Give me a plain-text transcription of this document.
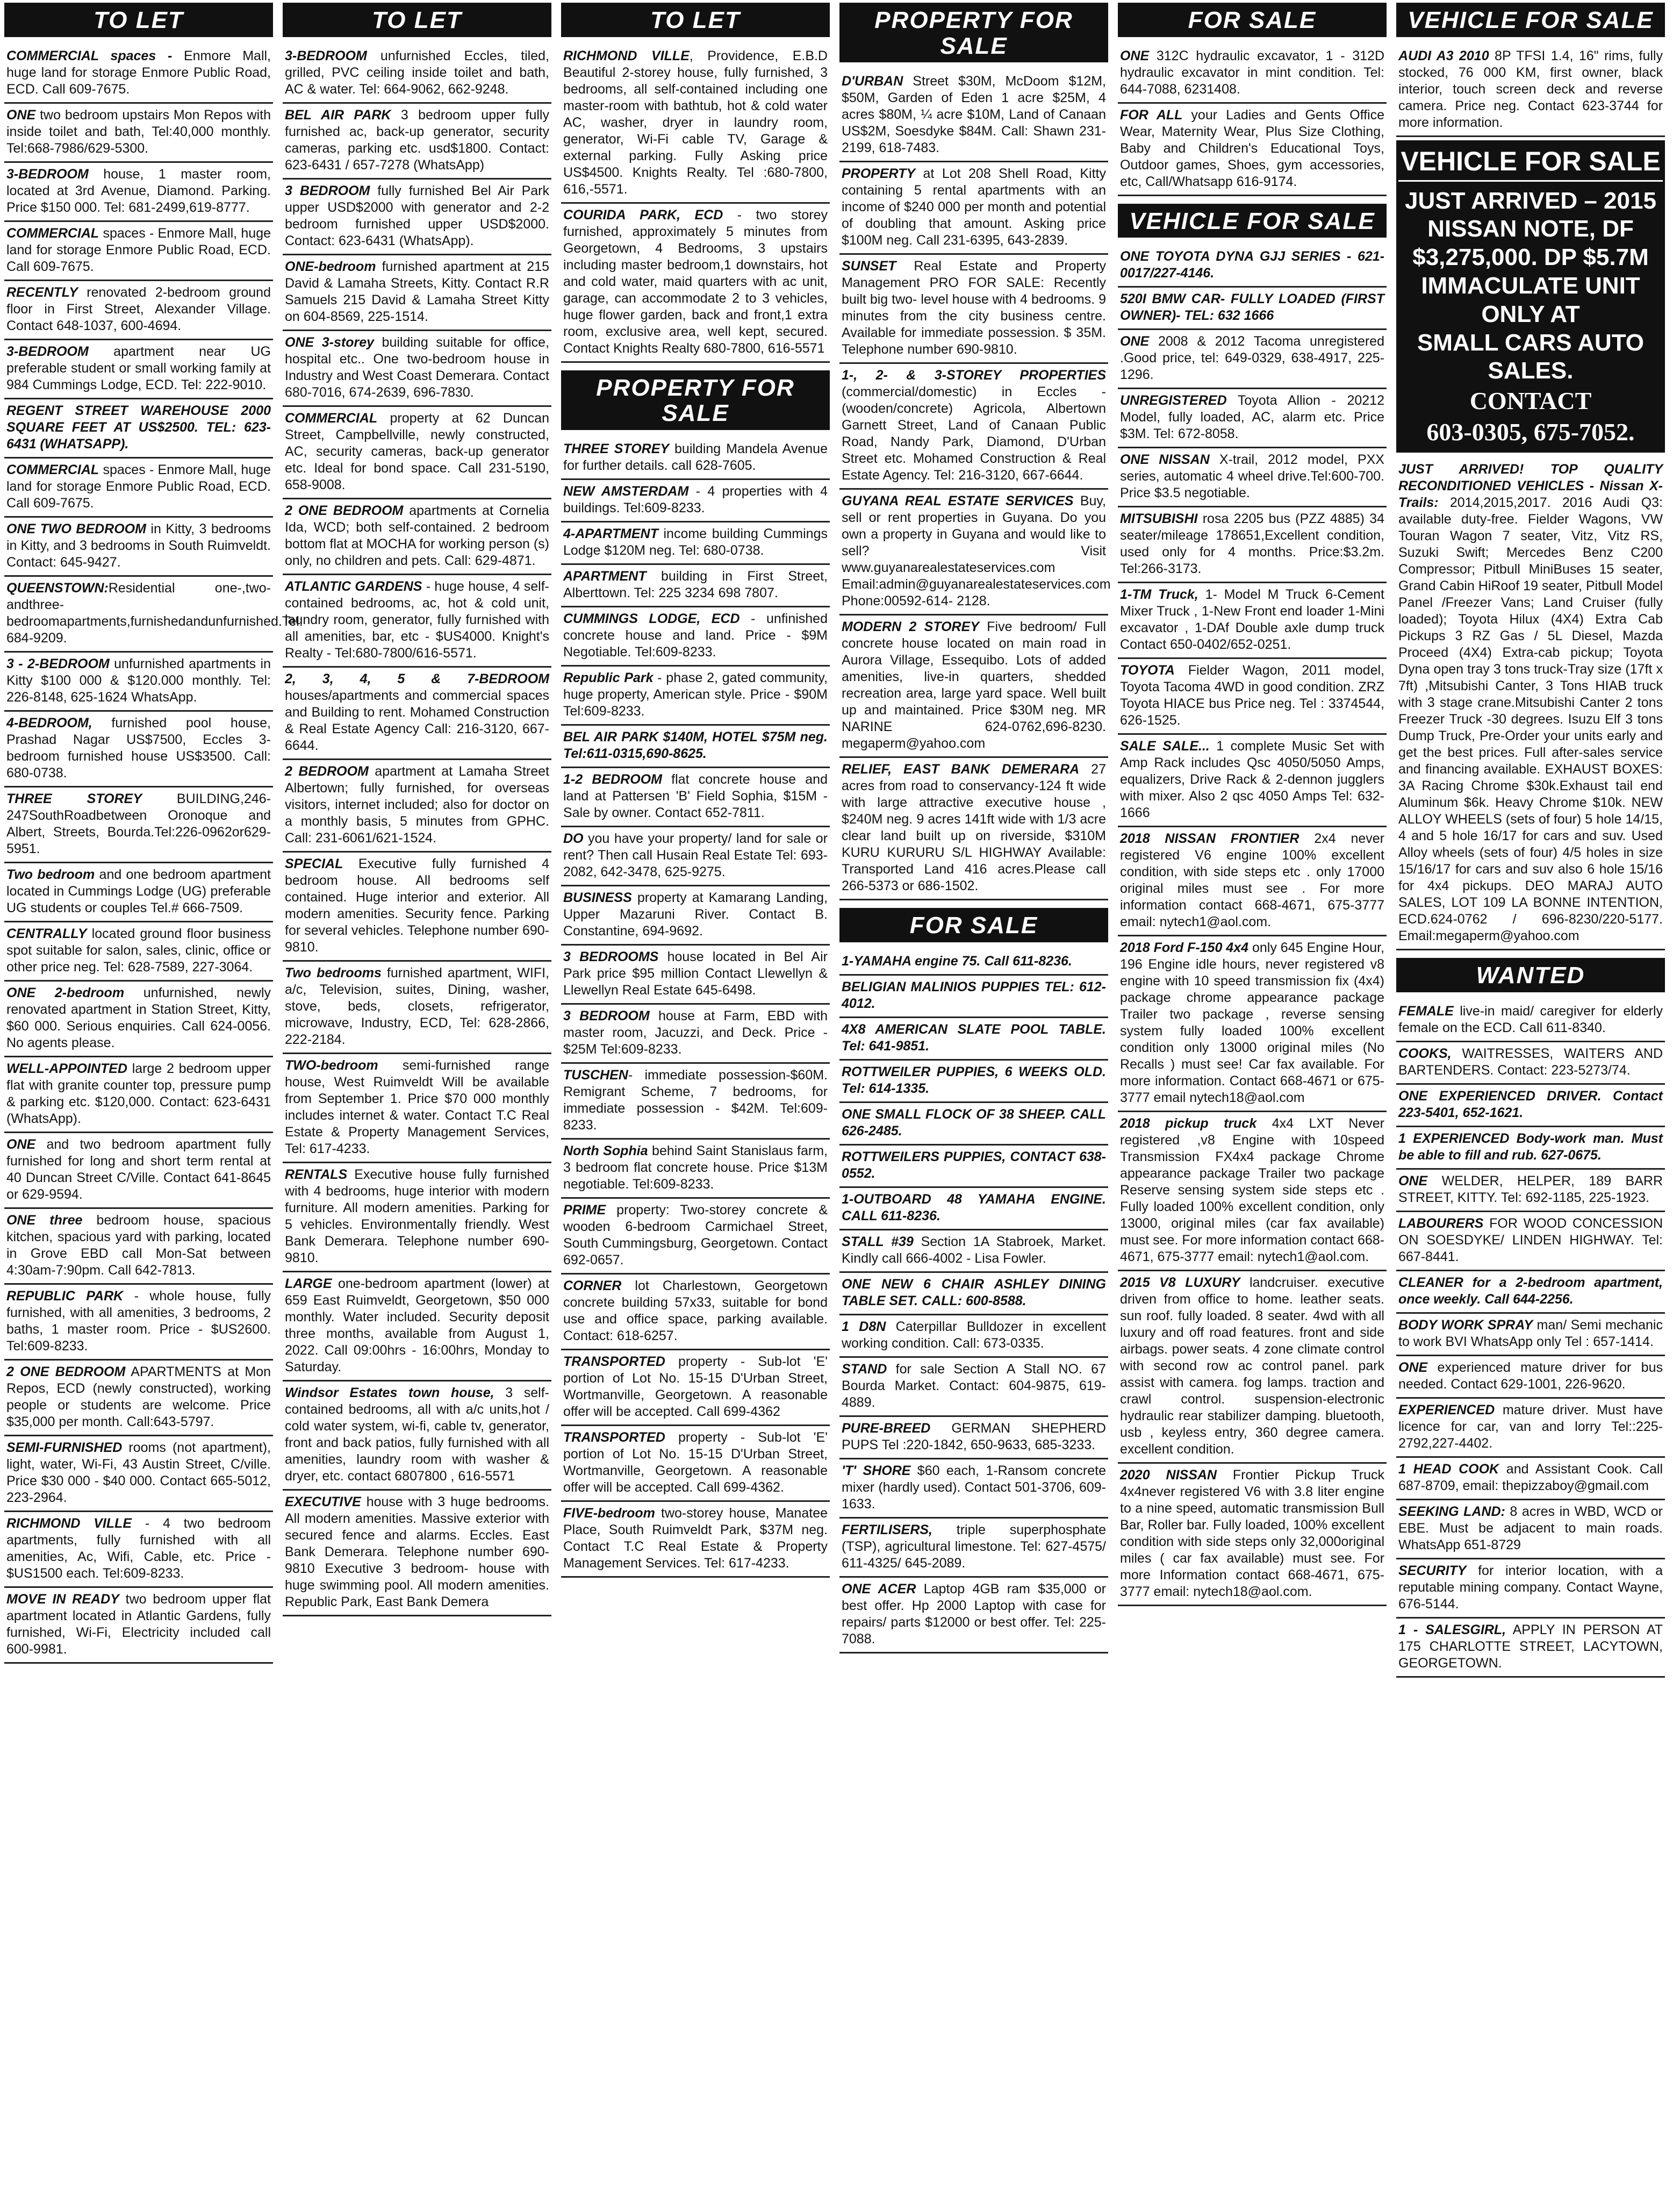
TO LET
COMMERCIAL spaces - Enmore Mall, huge land for storage Enmore Public Road, ECD. Call 609-7675.
ONE two bedroom upstairs Mon Repos with inside toilet and bath, Tel:40,000 monthly. Tel:668-7986/629-5300.
3-BEDROOM house, 1 master room, located at 3rd Avenue, Diamond. Parking. Price $150 000. Tel: 681-2499,619-8777.
COMMERCIAL spaces - Enmore Mall, huge land for storage Enmore Public Road, ECD. Call 609-7675.
RECENTLY renovated 2-bedroom ground floor in First Street, Alexander Village. Contact 648-1037, 600-4694.
3-BEDROOM apartment near UG preferable student or small working family at 984 Cummings Lodge, ECD. Tel: 222-9010.
REGENT STREET WAREHOUSE 2000 SQUARE FEET AT US$2500. TEL: 623-6431 (WHATSAPP).
COMMERCIAL spaces - Enmore Mall, huge land for storage Enmore Public Road, ECD. Call 609-7675.
ONE TWO BEDROOM in Kitty, 3 bedrooms in Kitty, and 3 bedrooms in South Ruimveldt. Contact: 645-9427.
QUEENSTOWN:Residential one-,two-andthree-bedroomapartments,furnishedandunfurnished.Tel: 684-9209.
3 - 2-BEDROOM unfurnished apartments in Kitty $100 000 & $120.000 monthly. Tel: 226-8148, 625-1624 WhatsApp.
4-BEDROOM, furnished pool house, Prashad Nagar US$7500, Eccles 3-bedroom furnished house US$3500. Call: 680-0738.
THREE STOREY BUILDING,246-247SouthRoadbetween Oronoque and Albert, Streets, Bourda.Tel:226-0962or629-5951.
Two bedroom and one bedroom apartment located in Cummings Lodge (UG) preferable UG students or couples Tel.# 666-7509.
CENTRALLY located ground floor business spot suitable for salon, sales, clinic, office or other price neg. Tel: 628-7589, 227-3064.
ONE 2-bedroom unfurnished, newly renovated apartment in Station Street, Kitty, $60 000. Serious enquiries. Call 624-0056. No agents please.
WELL-APPOINTED large 2 bedroom upper flat with granite counter top, pressure pump & parking etc. $120,000. Contact: 623-6431 (WhatsApp).
ONE and two bedroom apartment fully furnished for long and short term rental at 40 Duncan Street C/Ville. Contact 641-8645 or 629-9594.
ONE three bedroom house, spacious kitchen, spacious yard with parking, located in Grove EBD call Mon-Sat between 4:30am-7:90pm. Call 642-7813.
REPUBLIC PARK - whole house, fully furnished, with all amenities, 3 bedrooms, 2 baths, 1 master room. Price - $US2600. Tel:609-8233.
2 ONE BEDROOM APARTMENTS at Mon Repos, ECD (newly constructed), working people or students are welcome. Price $35,000 per month. Call:643-5797.
SEMI-FURNISHED rooms (not apartment), light, water, Wi-Fi, 43 Austin Street, C/ville. Price $30 000 - $40 000. Contact 665-5012, 223-2964.
RICHMOND VILLE - 4 two bedroom apartments, fully furnished with all amenities, Ac, Wifi, Cable, etc. Price - $US1500 each. Tel:609-8233.
MOVE IN READY two bedroom upper flat apartment located in Atlantic Gardens, fully furnished, Wi-Fi, Electricity included call 600-9981.
TO LET
3-BEDROOM unfurnished Eccles, tiled, grilled, PVC ceiling inside toilet and bath, AC & water. Tel: 664-9062, 662-9248.
BEL AIR PARK 3 bedroom upper fully furnished ac, back-up generator, security cameras, parking etc. usd$1800. Contact: 623-6431 / 657-7278 (WhatsApp)
3 BEDROOM fully furnished Bel Air Park upper USD$2000 with generator and 2-2 bedroom furnished upper USD$2000. Contact: 623-6431 (WhatsApp).
ONE-bedroom furnished apartment at 215 David & Lamaha Streets, Kitty. Contact R.R Samuels 215 David & Lamaha Street Kitty on 604-8569, 225-1514.
ONE 3-storey building suitable for office, hospital etc.. One two-bedroom house in Industry and West Coast Demerara. Contact 680-7016, 674-2639, 696-7830.
COMMERCIAL property at 62 Duncan Street, Campbellville, newly constructed, AC, security cameras, back-up generator etc. Ideal for bond space. Call 231-5190, 658-9008.
2 ONE BEDROOM apartments at Cornelia Ida, WCD; both self-contained. 2 bedroom bottom flat at MOCHA for working person (s) only, no children and pets. Call: 629-4871.
ATLANTIC GARDENS - huge house, 4 self-contained bedrooms, ac, hot & cold unit, laundry room, generator, fully furnished with all amenities, bar, etc - $US4000. Knight's Realty - Tel:680-7800/616-5571.
2, 3, 4, 5 & 7-BEDROOM houses/apartments and commercial spaces and Building to rent. Mohamed Construction & Real Estate Agency Call: 216-3120, 667-6644.
2 BEDROOM apartment at Lamaha Street Albertown; fully furnished, for overseas visitors, internet included; also for doctor on a monthly basis, 5 minutes from GPHC. Call: 231-6061/621-1524.
SPECIAL Executive fully furnished 4 bedroom house. All bedrooms self contained. Huge interior and exterior. All modern amenities. Security fence. Parking for several vehicles. Telephone number 690-9810.
Two bedrooms furnished apartment, WIFI, a/c, Television, suites, Dining, washer, stove, beds, closets, refrigerator, microwave, Industry, ECD, Tel: 628-2866, 222-2184.
TWO-bedroom semi-furnished range house, West Ruimveldt Will be available from September 1. Price $70 000 monthly includes internet & water. Contact T.C Real Estate & Property Management Services, Tel: 617-4233.
RENTALS Executive house fully furnished with 4 bedrooms, huge interior with modern furniture. All modern amenities. Parking for 5 vehicles. Environmentally friendly. West Bank Demerara. Telephone number 690-9810.
LARGE one-bedroom apartment (lower) at 659 East Ruimveldt, Georgetown, $50 000 monthly. Water included. Security deposit three months, available from August 1, 2022. Call 09:00hrs - 16:00hrs, Monday to Saturday.
Windsor Estates town house, 3 self- contained bedrooms, all with a/c units,hot / cold water system, wi-fi, cable tv, generator, front and back patios, fully furnished with all amenities, laundry room with washer & dryer, etc. contact 6807800 , 616-5571
EXECUTIVE house with 3 huge bedrooms. All modern amenities. Massive exterior with secured fence and alarms. Eccles. East Bank Demerara. Telephone number 690-9810 Executive 3 bedroom- house with huge swimming pool. All modern amenities. Republic Park, East Bank Demera
TO LET
RICHMOND VILLE, Providence, E.B.D Beautiful 2-storey house, fully furnished, 3 bedrooms, all self-contained including one master-room with bathtub, hot & cold water AC, washer, dryer in laundry room, generator, Wi-Fi cable TV, Garage & external parking. Fully Asking price US$4500. Knights Realty. Tel :680-7800, 616,-5571.
COURIDA PARK, ECD - two storey furnished, approximately 5 minutes from Georgetown, 4 Bedrooms, 3 upstairs including master bedroom,1 downstairs, hot and cold water, maid quarters with ac unit, garage, can accommodate 2 to 3 vehicles, huge flower garden, back and front,1 extra room, exclusive area, well kept, secured. Contact Knights Realty 680-7800, 616-5571
PROPERTY FOR SALE
THREE STOREY building Mandela Avenue for further details. call 628-7605.
NEW AMSTERDAM - 4 properties with 4 buildings. Tel:609-8233.
4-APARTMENT income building Cummings Lodge $120M neg. Tel: 680-0738.
APARTMENT building in First Street, Alberttown. Tel: 225 3234 698 7807.
CUMMINGS LODGE, ECD - unfinished concrete house and land. Price - $9M Negotiable. Tel:609-8233.
Republic Park - phase 2, gated community, huge property, American style. Price - $90M Tel:609-8233.
BEL AIR PARK $140M, HOTEL $75M neg. Tel:611-0315,690-8625.
1-2 BEDROOM flat concrete house and land at Pattersen 'B' Field Sophia, $15M - Sale by owner. Contact 652-7811.
DO you have your property/ land for sale or rent? Then call Husain Real Estate Tel: 693-2082, 642-3478, 625-9275.
BUSINESS property at Kamarang Landing, Upper Mazaruni River. Contact B. Constantine, 694-9692.
3 BEDROOMS house located in Bel Air Park price $95 million Contact Llewellyn & Llewellyn Real Estate 645-6498.
3 BEDROOM house at Farm, EBD with master room, Jacuzzi, and Deck. Price - $25M Tel:609-8233.
TUSCHEN- immediate possession-$60M. Remigrant Scheme, 7 bedrooms, for immediate possession - $42M. Tel:609-8233.
North Sophia behind Saint Stanislaus farm, 3 bedroom flat concrete house. Price $13M negotiable. Tel:609-8233.
PRIME property: Two-storey concrete & wooden 6-bedroom Carmichael Street, South Cummingsburg, Georgetown. Contact 692-0657.
CORNER lot Charlestown, Georgetown concrete building 57x33, suitable for bond use and office space, parking available. Contact: 618-6257.
TRANSPORTED property - Sub-lot 'E' portion of Lot No. 15-15 D'Urban Street, Wortmanville, Georgetown. A reasonable offer will be accepted. Call 699-4362
TRANSPORTED property - Sub-lot 'E' portion of Lot No. 15-15 D'Urban Street, Wortmanville, Georgetown. A reasonable offer will be accepted. Call 699-4362.
FIVE-bedroom two-storey house, Manatee Place, South Ruimveldt Park, $37M neg. Contact T.C Real Estate & Property Management Services. Tel: 617-4233.
PROPERTY FOR SALE
D'URBAN Street $30M, McDoom $12M, $50M, Garden of Eden 1 acre $25M, 4 acres $80M, ¼ acre $10M, Land of Canaan US$2M, Soesdyke $84M. Call: Shawn 231-2199, 618-7483.
PROPERTY at Lot 208 Shell Road, Kitty containing 5 rental apartments with an income of $240 000 per month and potential of doubling that amount. Asking price $100M neg. Call 231-6395, 643-2839.
SUNSET Real Estate and Property Management PRO FOR SALE: Recently built big two- level house with 4 bedrooms. 9 minutes from the city business centre. Available for immediate possession. $ 35M. Telephone number 690-9810.
1-, 2- & 3-STOREY PROPERTIES (commercial/domestic) in Eccles - (wooden/concrete) Agricola, Albertown Garnett Street, Land of Canaan Public Road, Nandy Park, Diamond, D'Urban Street etc. Mohamed Construction & Real Estate Agency. Tel: 216-3120, 667-6644.
GUYANA REAL ESTATE SERVICES Buy, sell or rent properties in Guyana. Do you own a property in Guyana and would like to sell? Visit www.guyanarealestateservices.com Email:admin@guyanarealestateservices.com Phone:00592-614- 2128.
MODERN 2 STOREY Five bedroom/ Full concrete house located on main road in Aurora Village, Essequibo. Lots of added amenities, live-in quarters, shedded recreation area, large yard space. Well built up and maintained. Price $30M neg. MR NARINE 624-0762,696-8230. megaperm@yahoo.com
RELIEF, EAST BANK DEMERARA 27 acres from road to conservancy-124 ft wide with large attractive executive house , $240M neg. 9 acres 141ft wide with 1/3 acre clear land built up on riverside, $310M KURU KURURU S/L HIGHWAY Available: Transported Land 416 acres.Please call 266-5373 or 686-1502.
FOR SALE
1-YAMAHA engine 75. Call 611-8236.
BELIGIAN MALINIOS PUPPIES TEL: 612-4012.
4X8 AMERICAN SLATE POOL TABLE. Tel: 641-9851.
ROTTWEILER PUPPIES, 6 WEEKS OLD. Tel: 614-1335.
ONE SMALL FLOCK OF 38 SHEEP. CALL 626-2485.
ROTTWEILERS PUPPIES, CONTACT 638-0552.
1-OUTBOARD 48 YAMAHA ENGINE. CALL 611-8236.
STALL #39 Section 1A Stabroek, Market. Kindly call 666-4002 - Lisa Fowler.
ONE NEW 6 CHAIR ASHLEY DINING TABLE SET. CALL: 600-8588.
1 D8N Caterpillar Bulldozer in excellent working condition. Call: 673-0335.
STAND for sale Section A Stall NO. 67 Bourda Market. Contact: 604-9875, 619-4889.
PURE-BREED GERMAN SHEPHERD PUPS Tel :220-1842, 650-9633, 685-3233.
'T' SHORE $60 each, 1-Ransom concrete mixer (hardly used). Contact 501-3706, 609-1633.
FERTILISERS, triple superphosphate (TSP), agricultural limestone. Tel: 627-4575/ 611-4325/ 645-2089.
ONE ACER Laptop 4GB ram $35,000 or best offer. Hp 2000 Laptop with case for repairs/ parts $12000 or best offer. Tel: 225-7088.
FOR SALE
ONE 312C hydraulic excavator, 1 - 312D hydraulic excavator in mint condition. Tel: 644-7088, 6231408.
FOR ALL your Ladies and Gents Office Wear, Maternity Wear, Plus Size Clothing, Baby and Children's Educational Toys, Outdoor games, Shoes, gym accessories, etc, Call/Whatsapp 616-9174.
VEHICLE FOR SALE
ONE TOYOTA DYNA GJJ SERIES - 621-0017/227-4146.
520I BMW CAR- FULLY LOADED (FIRST OWNER)- TEL: 632 1666
ONE 2008 & 2012 Tacoma unregistered .Good price, tel: 649-0329, 638-4917, 225-1296.
UNREGISTERED Toyota Allion - 20212 Model, fully loaded, AC, alarm etc. Price $3M. Tel: 672-8058.
ONE NISSAN X-trail, 2012 model, PXX series, automatic 4 wheel drive.Tel:600-700. Price $3.5 negotiable.
MITSUBISHI rosa 2205 bus (PZZ 4885) 34 seater/mileage 178651,Excellent condition, used only for 4 months. Price:$3.2m. Tel:266-3173.
1-TM Truck, 1- Model M Truck 6-Cement Mixer Truck , 1-New Front end loader 1-Mini excavator , 1-DAf Double axle dump truck Contact 650-0402/652-0251.
TOYOTA Fielder Wagon, 2011 model, Toyota Tacoma 4WD in good condition. ZRZ Toyota HIACE bus Price neg. Tel : 3374544, 626-1525.
SALE SALE... 1 complete Music Set with Amp Rack includes Qsc 4050/5050 Amps, equalizers, Drive Rack & 2-dennon jugglers with mixer. Also 2 qsc 4050 Amps Tel: 632-1666
2018 NISSAN FRONTIER 2x4 never registered V6 engine 100% excellent condition, with side steps etc . only 17000 original miles must see . For more information contact 668-4671, 675-3777 email: nytech1@aol.com.
2018 Ford F-150 4x4 only 645 Engine Hour, 196 Engine idle hours, never registered v8 engine with 10 speed transmission fix (4x4) package chrome appearance package Trailer two package , reverse sensing system fully loaded 100% excellent condition only 13000 original miles (No Recalls ) must see! Car fax available. For more information. Contact 668-4671 or 675-3777 email nytech18@aol.com
2018 pickup truck 4x4 LXT Never registered ,v8 Engine with 10speed Transmission FX4x4 package Chrome appearance package Trailer two package Reserve sensing system side steps etc . Fully loaded 100% excellent condition, only 13000, original miles (car fax available) must see. For more information contact 668-4671, 675-3777 email: nytech1@aol.com.
2015 V8 LUXURY landcruiser. executive driven from office to home. leather seats. sun roof. fully loaded. 8 seater. 4wd with all luxury and off road features. front and side airbags. power seats. 4 zone climate control with second row ac control panel. park assist with camera. fog lamps. traction and crawl control. suspension-electronic hydraulic rear stabilizer damping. bluetooth, usb , keyless entry, 360 degree camera. excellent condition.
2020 NISSAN Frontier Pickup Truck 4x4never registered V6 with 3.8 liter engine to a nine speed, automatic transmission Bull Bar, Roller bar. Fully loaded, 100% excellent condition with side steps only 32,000original miles ( car fax available) must see. For more Information contact 668-4671, 675-3777 email: nytech18@aol.com.
VEHICLE FOR SALE
AUDI A3 2010 8P TFSI 1.4, 16" rims, fully stocked, 76 000 KM, first owner, black interior, touch screen deck and reverse camera. Price neg. Contact 623-3744 for more information.
VEHICLE FOR SALE
JUST ARRIVED – 2015
NISSAN NOTE, DF
$3,275,000. DP $5.7M
IMMACULATE UNIT
ONLY AT
SMALL CARS AUTO
SALES.
CONTACT
603-0305, 675-7052.
JUST ARRIVED! TOP QUALITY RECONDITIONED VEHICLES - Nissan X-Trails: 2014,2015,2017. 2016 Audi Q3: available duty-free. Fielder Wagons, VW Touran Wagon 7 seater, Vitz, Vitz RS, Suzuki Swift; Mercedes Benz C200 Compressor; Pitbull MiniBuses 15 seater, Grand Cabin HiRoof 19 seater, Pitbull Model Panel /Freezer Vans; Land Cruiser (fully loaded); Toyota Hilux (4X4) Extra Cab Pickups 3 RZ Gas / 5L Diesel, Mazda Proceed (4X4) Extra-cab pickup; Toyota Dyna open tray 3 tons truck-Tray size (17ft x 7ft) ,Mitsubishi Canter, 3 Tons HIAB truck with 3 stage crane.Mitsubishi Canter 2 tons Freezer Truck -30 degrees. Isuzu Elf 3 tons Dump Truck, Pre-Order your units early and get the best prices. Full after-sales service and financing available. EXHAUST BOXES: 3A Racing Chrome $30k.Exhaust tail end Aluminum $6k. Heavy Chrome $10k. NEW ALLOY WHEELS (sets of four) 5 hole 14/15, 4 and 5 hole 16/17 for cars and suv. Used Alloy wheels (sets of four) 4/5 holes in size 15/16/17 for cars and suv also 6 hole 15/16 for 4x4 pickups. DEO MARAJ AUTO SALES, LOT 109 LA BONNE INTENTION, ECD.624-0762 / 696-8230/220-5177. Email:megaperm@yahoo.com
WANTED
FEMALE live-in maid/ caregiver for elderly female on the ECD. Call 611-8340.
COOKS, WAITRESSES, WAITERS AND BARTENDERS. Contact: 223-5273/74.
ONE EXPERIENCED DRIVER. Contact 223-5401, 652-1621.
1 EXPERIENCED Body-work man. Must be able to fill and rub. 627-0675.
ONE WELDER, HELPER, 189 BARR STREET, KITTY. Tel: 692-1185, 225-1923.
LABOURERS FOR WOOD CONCESSION ON SOESDYKE/ LINDEN HIGHWAY. Tel: 667-8441.
CLEANER for a 2-bedroom apartment, once weekly. Call 644-2256.
BODY WORK SPRAY man/ Semi mechanic to work BVI WhatsApp only Tel : 657-1414.
ONE experienced mature driver for bus needed. Contact 629-1001, 226-9620.
EXPERIENCED mature driver. Must have licence for car, van and lorry Tel::225-2792,227-4402.
1 HEAD COOK and Assistant Cook. Call 687-8709, email: thepizzaboy@gmail.com
SEEKING LAND: 8 acres in WBD, WCD or EBE. Must be adjacent to main roads. WhatsApp 651-8729
SECURITY for interior location, with a reputable mining company. Contact Wayne, 676-5144.
1 - SALESGIRL, APPLY IN PERSON AT 175 CHARLOTTE STREET, LACYTOWN, GEORGETOWN.
